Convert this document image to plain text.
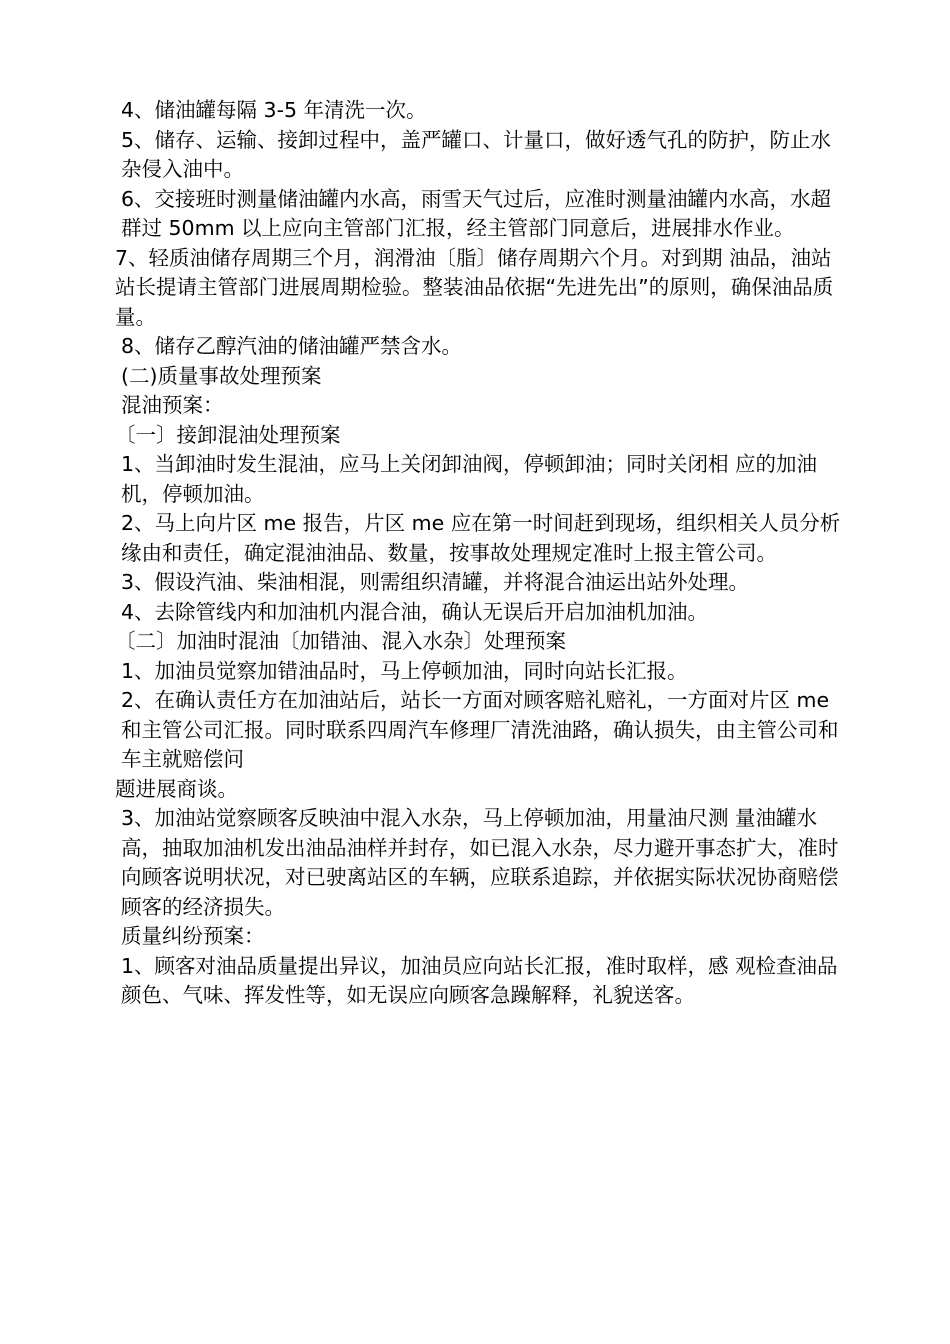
4、储油罐每隔 3-5 年清洗一次。

5、储存、运输、接卸过程中，盖严罐口、计量口，做好透气孔的防护，防止水杂侵入油中。

6、交接班时测量储油罐内水高，雨雪天气过后，应准时测量油罐内水高，水超群过 50mm 以上应向主管部门汇报，经主管部门同意后，进展排水作业。

7、轻质油储存周期三个月，润滑油〔脂〕储存周期六个月。对到期 油品，油站站长提请主管部门进展周期检验。整装油品依据“先进先出”的原则，确保油品质量。

8、储存乙醇汽油的储油罐严禁含水。

(二)质量事故处理预案

混油预案：

〔一〕接卸混油处理预案

1、当卸油时发生混油，应马上关闭卸油阀，停顿卸油；同时关闭相 应的加油机，停顿加油。

2、马上向片区 me 报告，片区 me 应在第一时间赶到现场，组织相关人员分析缘由和责任，确定混油油品、数量，按事故处理规定准时上报主管公司。

3、假设汽油、柴油相混，则需组织清罐，并将混合油运出站外处理。

4、去除管线内和加油机内混合油，确认无误后开启加油机加油。

〔二〕加油时混油〔加错油、混入水杂〕处理预案

1、加油员觉察加错油品时，马上停顿加油，同时向站长汇报。

2、在确认责任方在加油站后，站长一方面对顾客赔礼赔礼，一方面对片区 me 和主管公司汇报。同时联系四周汽车修理厂清洗油路，确认损失，由主管公司和车主就赔偿问

题进展商谈。

3、加油站觉察顾客反映油中混入水杂，马上停顿加油，用量油尺测 量油罐水高，抽取加油机发出油品油样并封存，如已混入水杂，尽力避开事态扩大，准时向顾客说明状况，对已驶离站区的车辆，应联系追踪，并依据实际状况协商赔偿顾客的经济损失。

质量纠纷预案：

1、顾客对油品质量提出异议，加油员应向站长汇报，准时取样，感 观检查油品颜色、气味、挥发性等，如无误应向顾客急躁解释，礼貌送客。
